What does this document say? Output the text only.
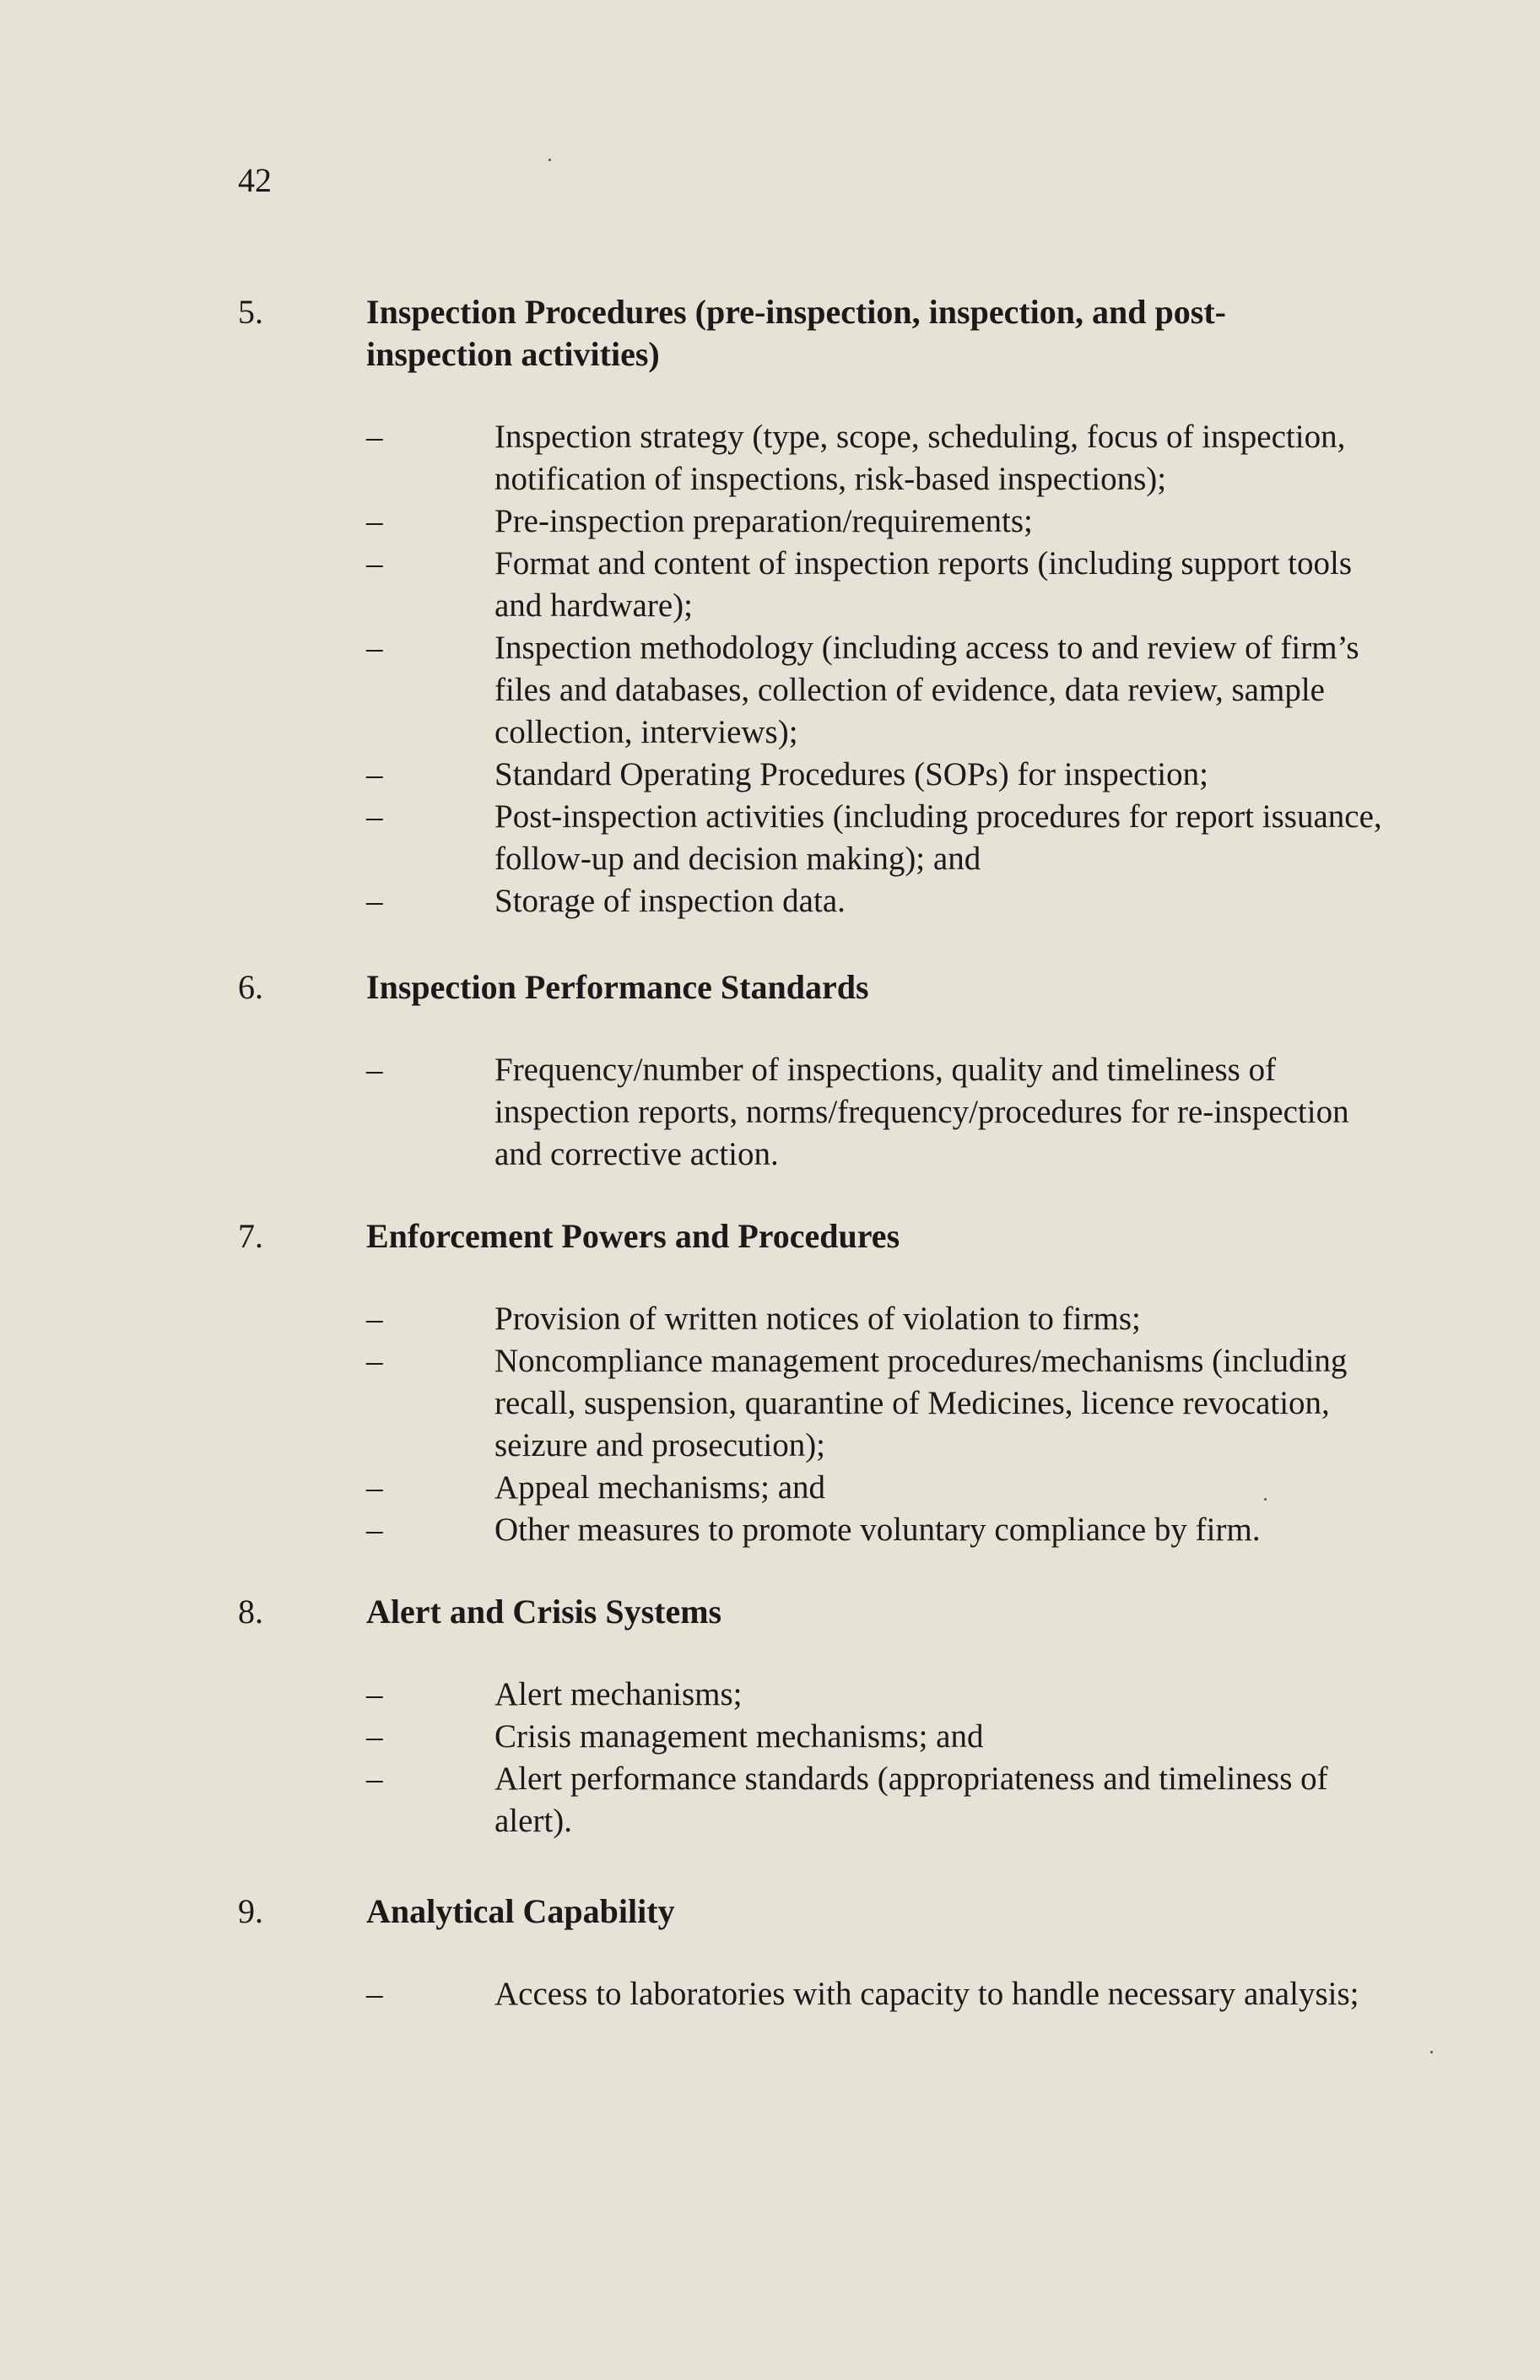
42
5.	Inspection Procedures (pre-inspection, inspection, and post-inspection activities)
–	Inspection strategy (type, scope, scheduling, focus of inspection, notification of inspections, risk-based inspections);
–	Pre-inspection preparation/requirements;
–	Format and content of inspection reports (including support tools and hardware);
–	Inspection methodology (including access to and review of firm’s files and databases, collection of evidence, data review, sample collection, interviews);
–	Standard Operating Procedures (SOPs) for inspection;
–	Post-inspection activities (including procedures for report issuance, follow-up and decision making); and
–	Storage of inspection data.
6.	Inspection Performance Standards
–	Frequency/number of inspections, quality and timeliness of inspection reports, norms/frequency/procedures for re-inspection and corrective action.
7.	Enforcement Powers and Procedures
–	Provision of written notices of violation to firms;
–	Noncompliance management procedures/mechanisms (including recall, suspension, quarantine of Medicines, licence revocation, seizure and prosecution);
–	Appeal mechanisms; and
–	Other measures to promote voluntary compliance by firm.
8.	Alert and Crisis Systems
–	Alert mechanisms;
–	Crisis management mechanisms; and
–	Alert performance standards (appropriateness and timeliness of alert).
9.	Analytical Capability
–	Access to laboratories with capacity to handle necessary analysis;
